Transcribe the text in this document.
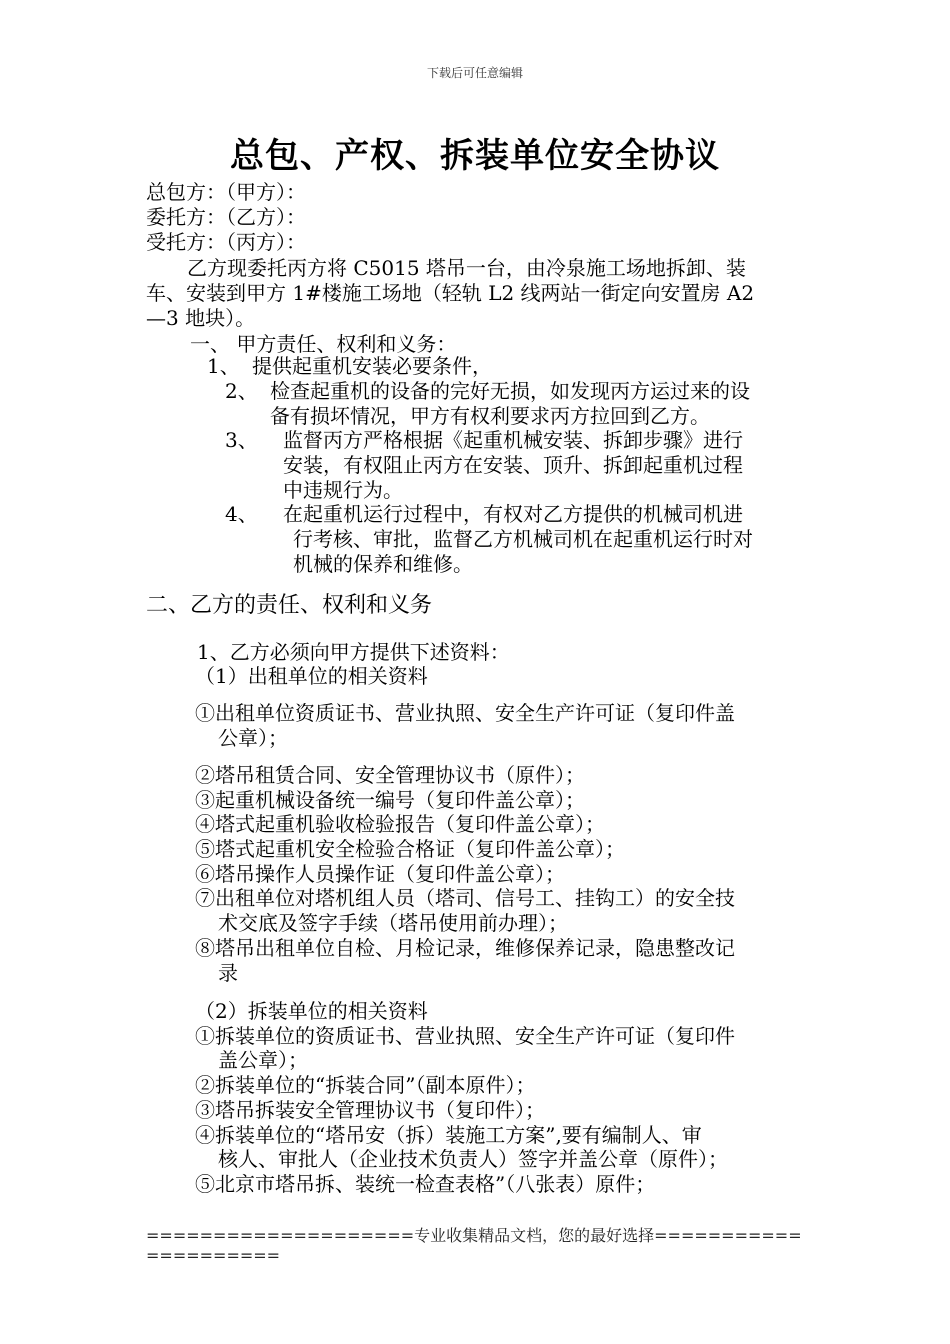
下载后可任意编辑
总包、产权、拆装单位安全协议
总包方：（甲方）：
委托方：（乙方）：
受托方：（丙方）：
乙方现委托丙方将 C5015 塔吊一台，由冷泉施工场地拆卸、装
车、安装到甲方 1#楼施工场地（轻轨 L2 线两站一街定向安置房 A2
—3 地块）。
一、 甲方责任、权利和义务：
1、 提供起重机安装必要条件，
2、 检查起重机的设备的完好无损，如发现丙方运过来的设
备有损坏情况，甲方有权利要求丙方拉回到乙方。
3、 监督丙方严格根据《起重机械安装、拆卸步骤》进行
安装，有权阻止丙方在安装、顶升、拆卸起重机过程
中违规行为。
4、 在起重机运行过程中，有权对乙方提供的机械司机进
行考核、审批，监督乙方机械司机在起重机运行时对
机械的保养和维修。
二、乙方的责任、权利和义务
1、乙方必须向甲方提供下述资料：
（1）出租单位的相关资料
①出租单位资质证书、营业执照、安全生产许可证（复印件盖
公章）；
②塔吊租赁合同、安全管理协议书（原件）；
③起重机械设备统一编号（复印件盖公章）；
④塔式起重机验收检验报告（复印件盖公章）；
⑤塔式起重机安全检验合格证（复印件盖公章）；
⑥塔吊操作人员操作证（复印件盖公章）；
⑦出租单位对塔机组人员（塔司、信号工、挂钩工）的安全技
术交底及签字手续（塔吊使用前办理）；
⑧塔吊出租单位自检、月检记录，维修保养记录，隐患整改记
录
（2）拆装单位的相关资料
①拆装单位的资质证书、营业执照、安全生产许可证（复印件
盖公章）；
②拆装单位的“拆装合同”（副本原件）；
③塔吊拆装安全管理协议书（复印件）；
④拆装单位的“塔吊安（拆）装施工方案”,要有编制人、审
核人、审批人（企业技术负责人）签字并盖公章（原件）；
⑤北京市塔吊拆、装统一检查表格”（八张表）原件；
====================专业收集精品文档，您的最好选择=====================
